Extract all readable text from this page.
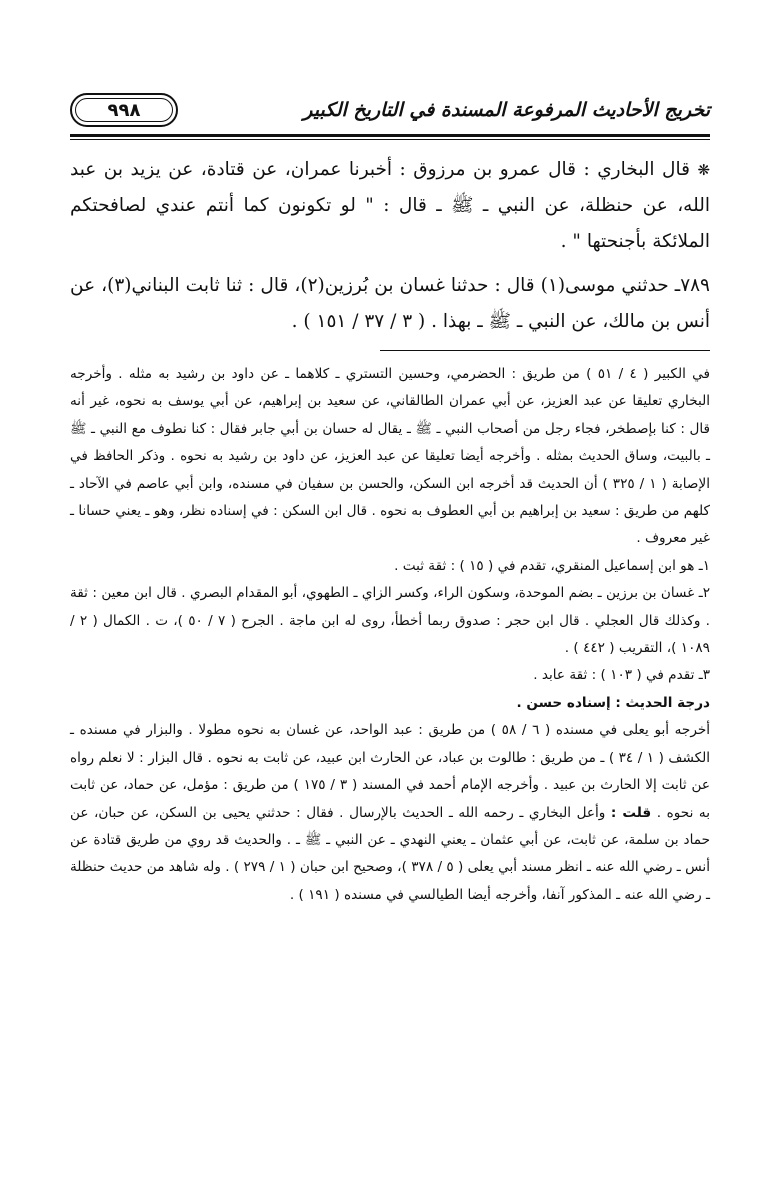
تخريج الأحاديث المرفوعة المسندة في التاريخ الكبير
٩٩٨

❋ قال البخاري : قال عمرو بن مرزوق : أخبرنا عمران، عن قتادة، عن يزيد بن عبد الله، عن حنظلة، عن النبي ـ ﷺ ـ قال : " لو تكونون كما أنتم عندي لصافحتكم الملائكة بأجنحتها " .

٧٨٩ـ حدثني موسى(١) قال : حدثنا غسان بن بُرزين(٢)، قال : ثنا ثابت البناني(٣)، عن أنس بن مالك، عن النبي ـ ﷺ ـ بهذا . ( ٣ / ٣٧ / ١٥١ ) .

في الكبير ( ٤ / ٥١ ) من طريق : الحضرمي، وحسين التستري ـ كلاهما ـ عن داود بن رشيد به مثله . وأخرجه البخاري تعليقا عن عبد العزيز، عن أبي عمران الطالقاني، عن سعيد بن إبراهيم، عن أبي يوسف به نحوه، غير أنه قال : كنا بإصطخر، فجاء رجل من أصحاب النبي ـ ﷺ ـ يقال له حسان بن أبي جابر فقال : كنا نطوف مع النبي ـ ﷺ ـ بالبيت، وساق الحديث بمثله . وأخرجه أيضا تعليقا عن عبد العزيز، عن داود بن رشيد به نحوه . وذكر الحافظ في الإصابة ( ١ / ٣٢٥ ) أن الحديث قد أخرجه ابن السكن، والحسن بن سفيان في مسنده، وابن أبي عاصم في الآحاد ـ كلهم من طريق : سعيد بن إبراهيم بن أبي العطوف به نحوه . قال ابن السكن : في إسناده نظر، وهو ـ يعني حسانا ـ غير معروف .

١ـ هو ابن إسماعيل المنقري، تقدم في ( ١٥ ) : ثقة ثبت .

٢ـ غسان بن برزين ـ بضم الموحدة، وسكون الراء، وكسر الزاي ـ الطهوي، أبو المقدام البصري . قال ابن معين : ثقة . وكذلك قال العجلي . قال ابن حجر : صدوق ربما أخطأ، روى له ابن ماجة . الجرح ( ٧ / ٥٠ )، ت . الكمال ( ٢ / ١٠٨٩ )، التقريب ( ٤٤٢ ) .

٣ـ تقدم في ( ١٠٣ ) : ثقة عابد .

درجة الحديث : إسناده حسن .

أخرجه أبو يعلى في مسنده ( ٦ / ٥٨ ) من طريق : عبد الواحد، عن غسان به نحوه مطولا . والبزار في مسنده ـ الكشف ( ١ / ٣٤ ) ـ من طريق : طالوت بن عباد، عن الحارث ابن عبيد، عن ثابت به نحوه . قال البزار : لا نعلم رواه عن ثابت إلا الحارث بن عبيد . وأخرجه الإمام أحمد في المسند ( ٣ / ١٧٥ ) من طريق : مؤمل، عن حماد، عن ثابت به نحوه . قلت : وأعل البخاري ـ رحمه الله ـ الحديث بالإرسال . فقال : حدثني يحيى بن السكن، عن حبان، عن حماد بن سلمة، عن ثابت، عن أبي عثمان ـ يعني النهدي ـ عن النبي ـ ﷺ ـ . والحديث قد روي من طريق قتادة عن أنس ـ رضي الله عنه ـ انظر مسند أبي يعلى ( ٥ / ٣٧٨ )، وصحيح ابن حبان ( ١ / ٢٧٩ ) . وله شاهد من حديث حنظلة ـ رضي الله عنه ـ المذكور آنفا، وأخرجه أيضا الطيالسي في مسنده ( ١٩١ ) .
